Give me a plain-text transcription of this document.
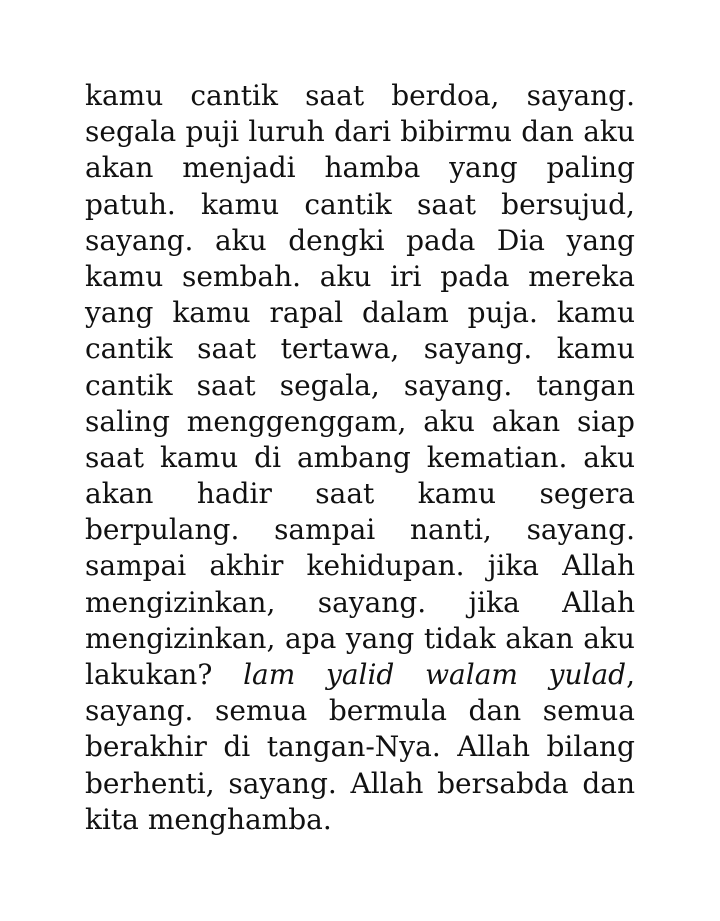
kamu cantik saat berdoa, sayang.
segala puji luruh dari bibirmu dan aku
akan menjadi hamba yang paling
patuh. kamu cantik saat bersujud,
sayang. aku dengki pada Dia yang
kamu sembah. aku iri pada mereka
yang kamu rapal dalam puja. kamu
cantik saat tertawa, sayang. kamu
cantik saat segala, sayang. tangan
saling menggenggam, aku akan siap
saat kamu di ambang kematian. aku
akan hadir saat kamu segera
berpulang. sampai nanti, sayang.
sampai akhir kehidupan. jika Allah
mengizinkan, sayang. jika Allah
mengizinkan, apa yang tidak akan aku
lakukan? lam yalid walam yulad,
sayang. semua bermula dan semua
berakhir di tangan-Nya. Allah bilang
berhenti, sayang. Allah bersabda dan
kita menghamba.
